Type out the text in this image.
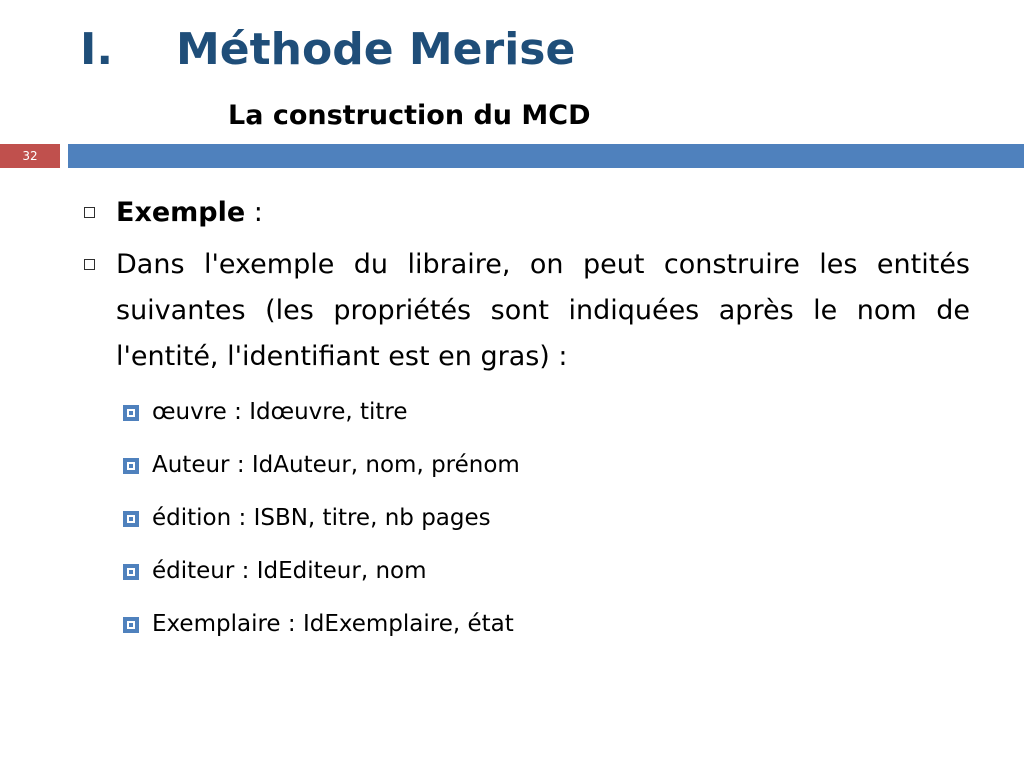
I. Méthode Merise
La construction du MCD
32
Exemple :
Dans l'exemple du libraire, on peut construire les entités suivantes (les propriétés sont indiquées après le nom de l'entité, l'identifiant est en gras) :
œuvre : Idœuvre, titre
Auteur : IdAuteur, nom, prénom
édition : ISBN, titre, nb pages
éditeur : IdEditeur, nom
Exemplaire : IdExemplaire, état
